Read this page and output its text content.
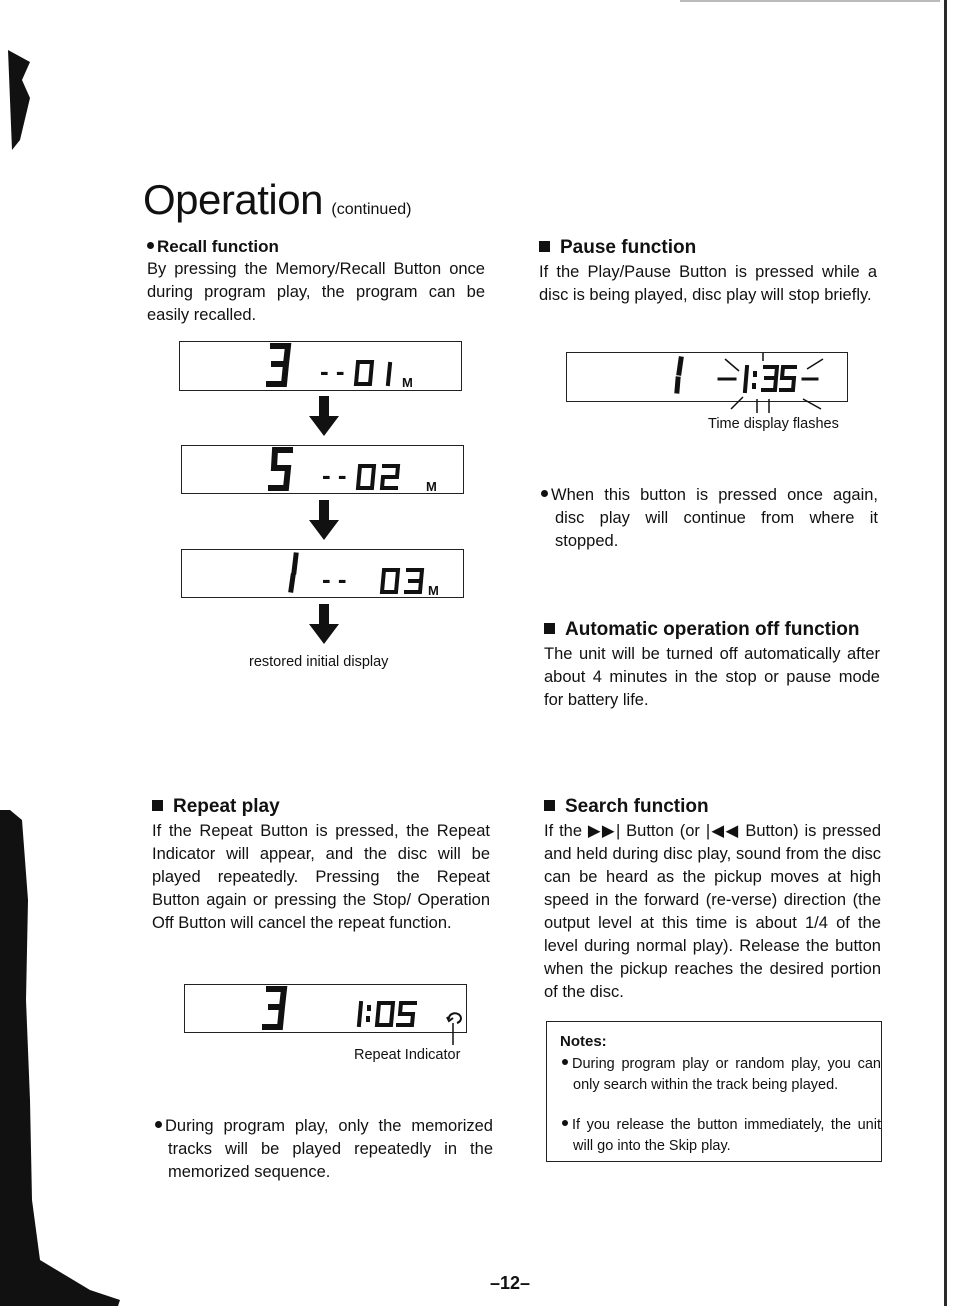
Operation (continued)
Recall function
By pressing the Memory/Recall Button once during program play, the program can be easily recalled.
- -	M
- -	M
- -	M
restored initial display
Pause function
If the Play/Pause Button is pressed while a disc is being played, disc play will stop briefly.
Time display flashes
When this button is pressed once again, disc play will continue from where it stopped.
Automatic operation off function
The unit will be turned off automatically after about 4 minutes in the stop or pause mode for battery life.
Repeat play
If the Repeat Button is pressed, the Repeat Indicator will appear, and the disc will be played repeatedly. Pressing the Repeat Button again or pressing the Stop/ Operation Off Button will cancel the repeat function.
Repeat Indicator
During program play, only the memorized tracks will be played repeatedly in the memorized sequence.
Search function
If the ▶▶| Button (or |◀◀ Button) is pressed and held during disc play, sound from the disc can be heard as the pickup moves at high speed in the forward (re-verse) direction (the output level at this time is about 1/4 of the level during normal play). Release the button when the pickup reaches the desired portion of the disc.
Notes:
During program play or random play, you can only search within the track being played.
If you release the button immediately, the unit will go into the Skip play.
–12–
